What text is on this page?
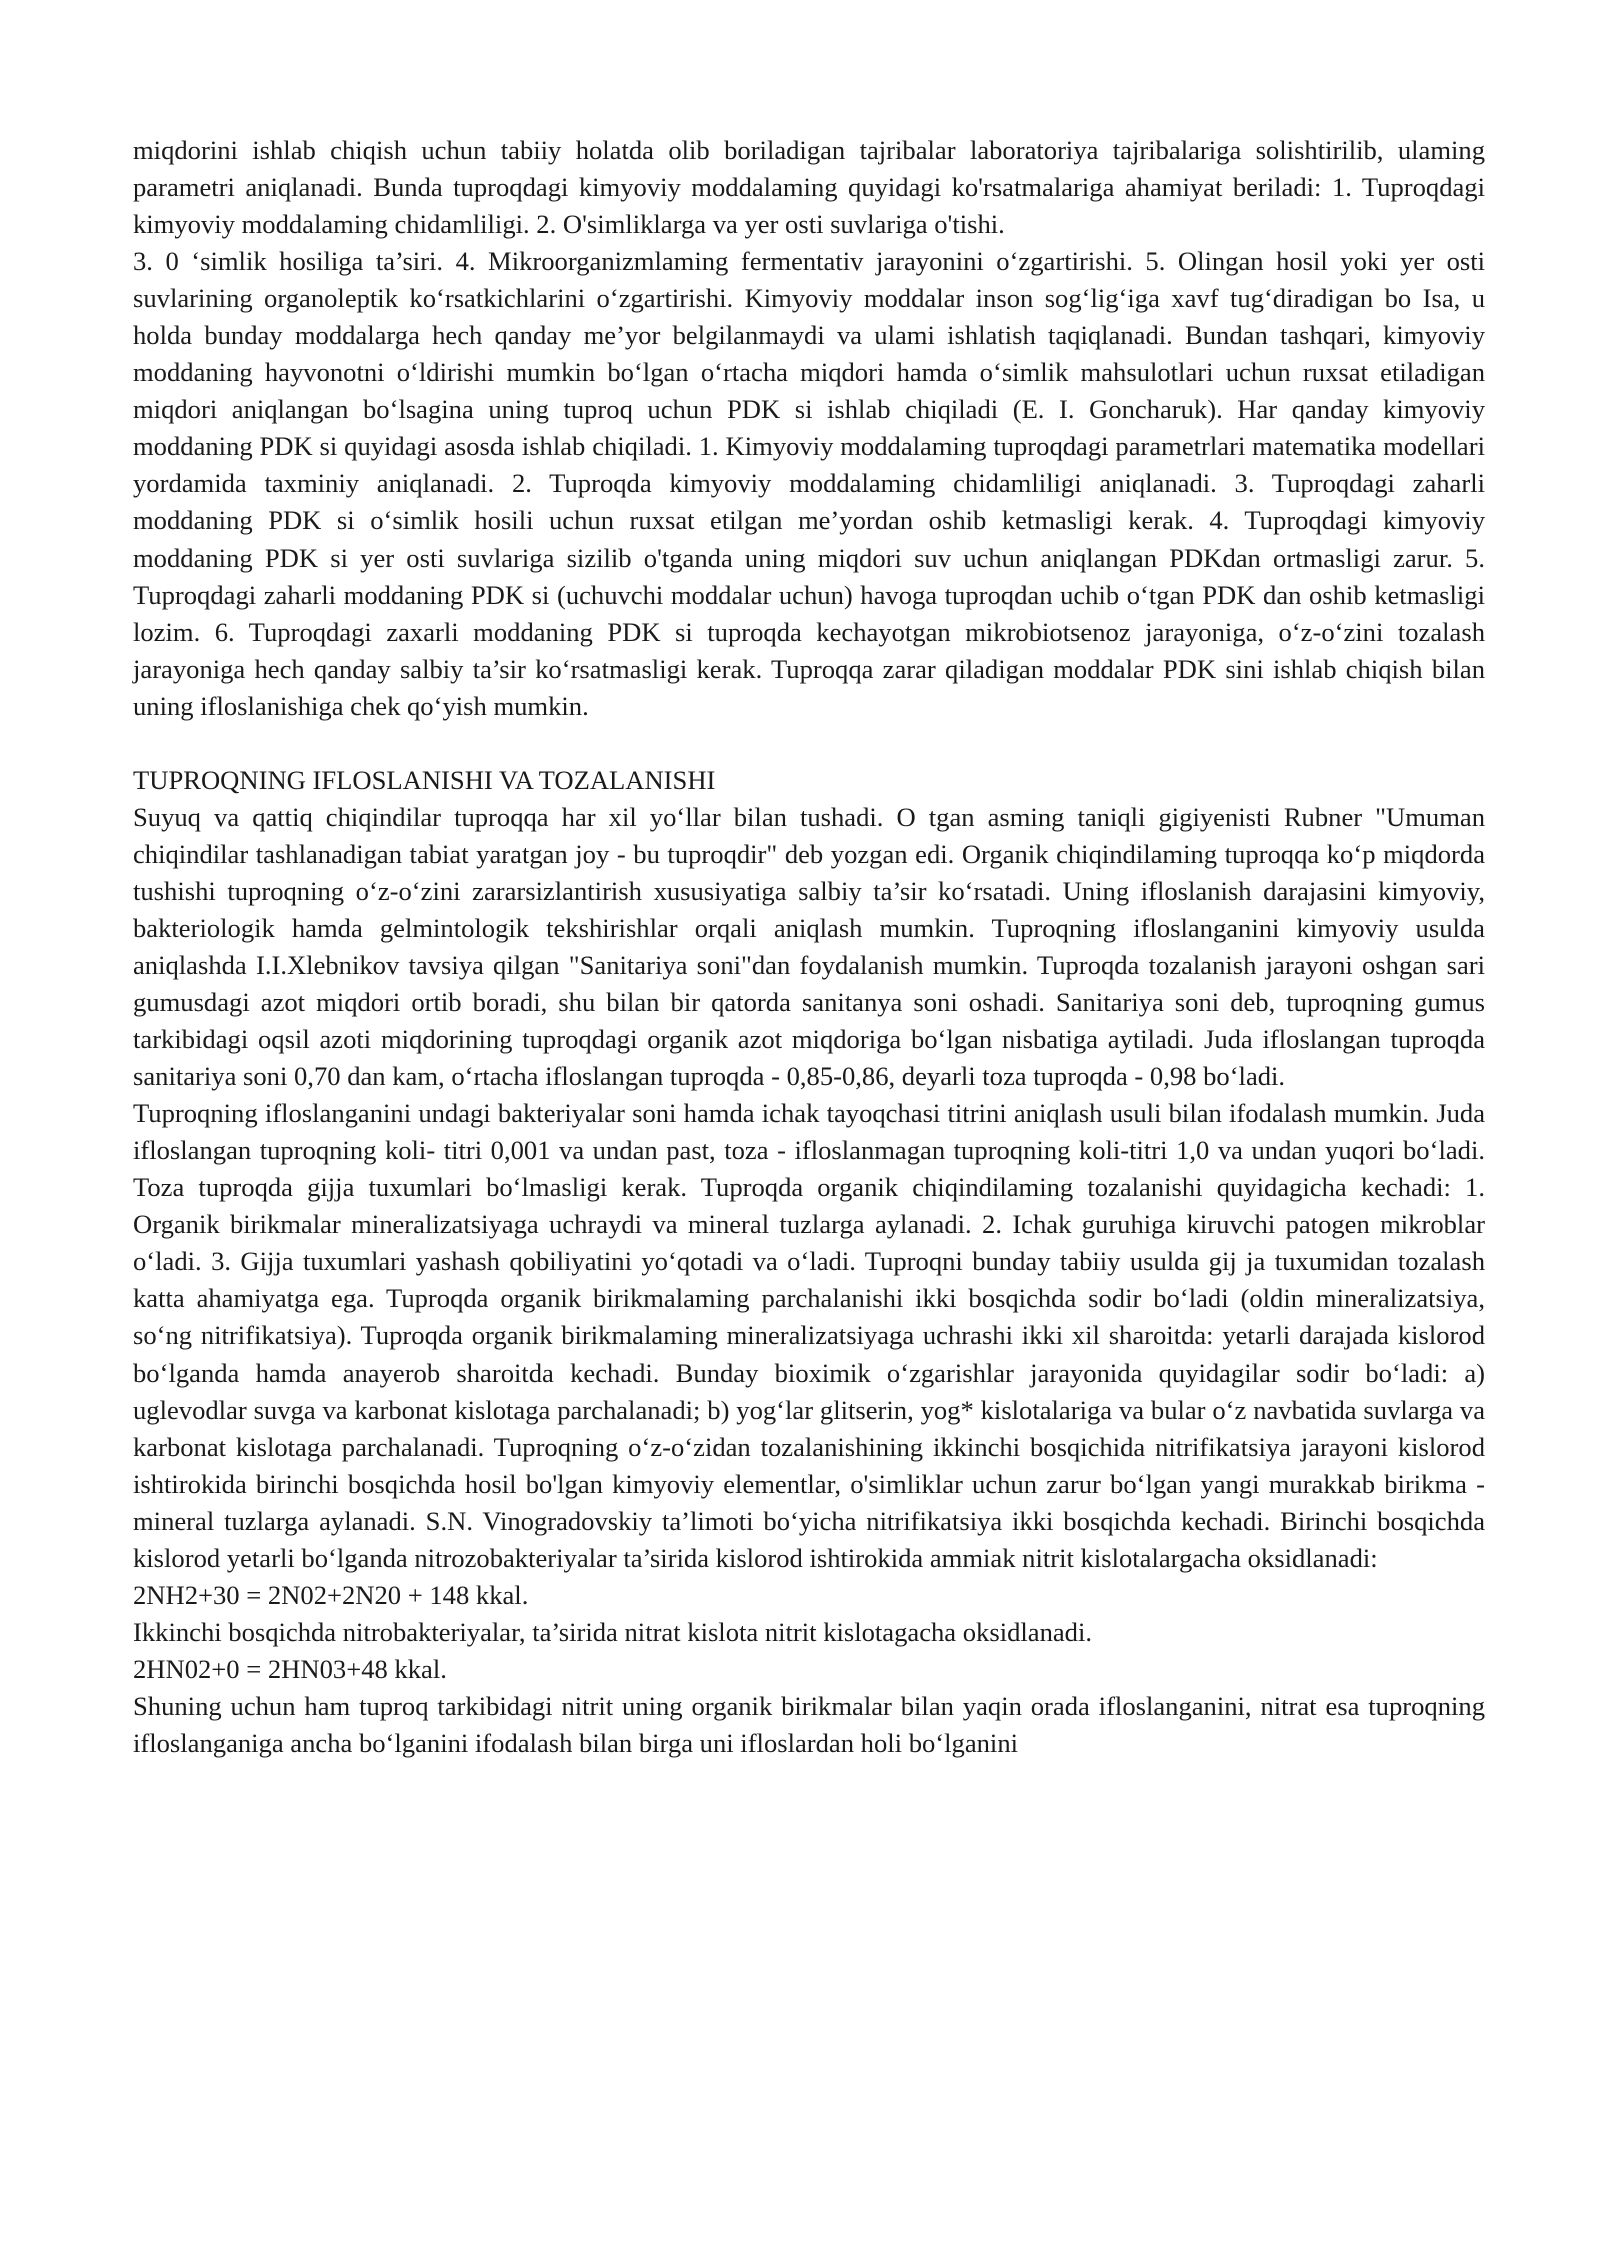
miqdorini ishlab chiqish uchun tabiiy holatda olib boriladigan tajribalar laboratoriya tajribalariga solishtirilib, ulaming parametri aniqlanadi. Bunda tuproqdagi kimyoviy moddalaming quyidagi ko'rsatmalariga ahamiyat beriladi: 1. Tuproqdagi kimyoviy moddalaming chidamliligi. 2. O'simliklarga va yer osti suvlariga o'tishi.

3. 0 ‘simlik hosiliga ta’siri. 4. Mikroorganizmlaming fermentativ jarayonini o‘zgartirishi. 5. Olingan hosil yoki yer osti suvlarining organoleptik ko‘rsatkichlarini o‘zgartirishi. Kimyoviy moddalar inson sog‘lig‘iga xavf tug‘diradigan bo Isa, u holda bunday moddalarga hech qanday me’yor belgilanmaydi va ulami ishlatish taqiqlanadi. Bundan tashqari, kimyoviy moddaning hayvonotni o‘ldirishi mumkin bo‘lgan o‘rtacha miqdori hamda o‘simlik mahsulotlari uchun ruxsat etiladigan miqdori aniqlangan bo‘lsagina uning tuproq uchun PDK si ishlab chiqiladi (E. I. Goncharuk). Har qanday kimyoviy moddaning PDK si quyidagi asosda ishlab chiqiladi. 1. Kimyoviy moddalaming tuproqdagi parametrlari matematika modellari yordamida taxminiy aniqlanadi. 2. Tuproqda kimyoviy moddalaming chidamliligi aniqlanadi. 3. Tuproqdagi zaharli moddaning PDK si o‘simlik hosili uchun ruxsat etilgan me’yordan oshib ketmasligi kerak. 4. Tuproqdagi kimyoviy moddaning PDK si yer osti suvlariga sizilib o'tganda uning miqdori suv uchun aniqlangan PDKdan ortmasligi zarur. 5. Tuproqdagi zaharli moddaning PDK si (uchuvchi moddalar uchun) havoga tuproqdan uchib o‘tgan PDK dan oshib ketmasligi lozim. 6. Tuproqdagi zaxarli moddaning PDK si tuproqda kechayotgan mikrobiotsenoz jarayoniga, o‘z-o‘zini tozalash jarayoniga hech qanday salbiy ta’sir ko‘rsatmasligi kerak. Tuproqqa zarar qiladigan moddalar PDK sini ishlab chiqish bilan uning ifloslanishiga chek qo‘yish mumkin.

TUPROQNING IFLOSLANISHI VA TOZALANISHI

Suyuq va qattiq chiqindilar tuproqqa har xil yo‘llar bilan tushadi. O tgan asming taniqli gigiyenisti Rubner "Umuman chiqindilar tashlanadigan tabiat yaratgan joy - bu tuproqdir" deb yozgan edi. Organik chiqindilaming tuproqqa ko‘p miqdorda tushishi tuproqning o‘z-o‘zini zararsizlantirish xususiyatiga salbiy ta’sir ko‘rsatadi. Uning ifloslanish darajasini kimyoviy, bakteriologik hamda gelmintologik tekshirishlar orqali aniqlash mumkin. Tuproqning ifloslanganini kimyoviy usulda aniqlashda I.I.Xlebnikov tavsiya qilgan "Sanitariya soni"dan foydalanish mumkin. Tuproqda tozalanish jarayoni oshgan sari gumusdagi azot miqdori ortib boradi, shu bilan bir qatorda sanitanya soni oshadi. Sanitariya soni deb, tuproqning gumus tarkibidagi oqsil azoti miqdorining tuproqdagi organik azot miqdoriga bo‘lgan nisbatiga aytiladi. Juda ifloslangan tuproqda sanitariya soni 0,70 dan kam, o‘rtacha ifloslangan tuproqda - 0,85-0,86, deyarli toza tuproqda - 0,98 bo‘ladi.

Tuproqning ifloslanganini undagi bakteriyalar soni hamda ichak tayoqchasi titrini aniqlash usuli bilan ifodalash mumkin. Juda ifloslangan tuproqning koli- titri 0,001 va undan past, toza - ifloslanmagan tuproqning koli-titri 1,0 va undan yuqori bo‘ladi. Toza tuproqda gijja tuxumlari bo‘lmasligi kerak. Tuproqda organik chiqindilaming tozalanishi quyidagicha kechadi: 1. Organik birikmalar mineralizatsiyaga uchraydi va mineral tuzlarga aylanadi. 2. Ichak guruhiga kiruvchi patogen mikroblar o‘ladi. 3. Gijja tuxumlari yashash qobiliyatini yo‘qotadi va o‘ladi. Tuproqni bunday tabiiy usulda gij ja tuxumidan tozalash katta ahamiyatga ega. Tuproqda organik birikmalaming parchalanishi ikki bosqichda sodir bo‘ladi (oldin mineralizatsiya, so‘ng nitrifikatsiya). Tuproqda organik birikmalaming mineralizatsiyaga uchrashi ikki xil sharoitda: yetarli darajada kislorod bo‘lganda hamda anayerob sharoitda kechadi. Bunday bioximik o‘zgarishlar jarayonida quyidagilar sodir bo‘ladi: a) uglevodlar suvga va karbonat kislotaga parchalanadi; b) yog‘lar glitserin, yog* kislotalariga va bular o‘z navbatida suvlarga va karbonat kislotaga parchalanadi. Tuproqning o‘z-o‘zidan tozalanishining ikkinchi bosqichida nitrifikatsiya jarayoni kislorod ishtirokida birinchi bosqichda hosil bo'lgan kimyoviy elementlar, o'simliklar uchun zarur bo‘lgan yangi murakkab birikma - mineral tuzlarga aylanadi. S.N. Vinogradovskiy ta’limoti bo‘yicha nitrifikatsiya ikki bosqichda kechadi. Birinchi bosqichda kislorod yetarli bo‘lganda nitrozobakteriyalar ta’sirida kislorod ishtirokida ammiak nitrit kislotalargacha oksidlanadi:

2NH2+30 = 2N02+2N20 + 148 kkal.

Ikkinchi bosqichda nitrobakteriyalar, ta’sirida nitrat kislota nitrit kislotagacha oksidlanadi.

2HN02+0 = 2HN03+48 kkal.

Shuning uchun ham tuproq tarkibidagi nitrit uning organik birikmalar bilan yaqin orada ifloslanganini, nitrat esa tuproqning ifloslanganiga ancha bo‘lganini ifodalash bilan birga uni ifloslardan holi bo‘lganini
